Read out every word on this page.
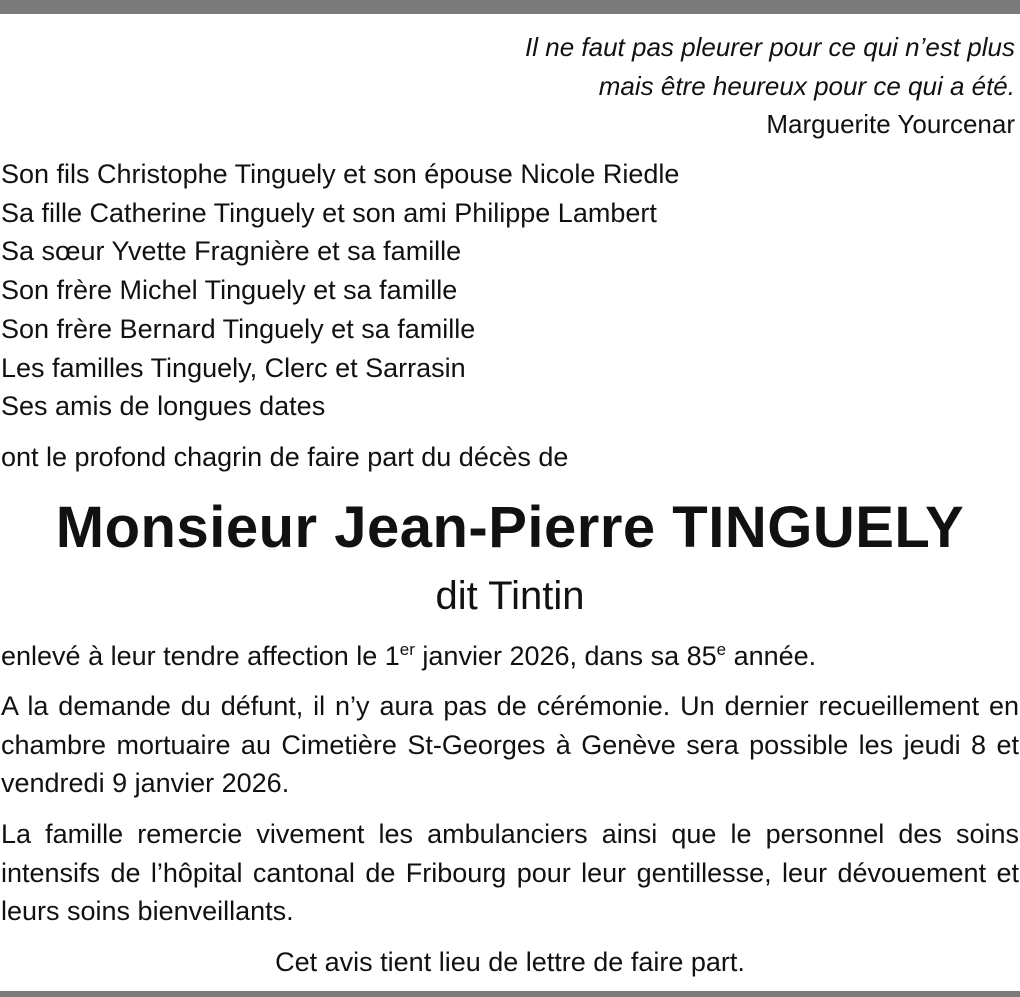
Il ne faut pas pleurer pour ce qui n’est plus
mais être heureux pour ce qui a été.
Marguerite Yourcenar
Son fils Christophe Tinguely et son épouse Nicole Riedle
Sa fille Catherine Tinguely et son ami Philippe Lambert
Sa sœur Yvette Fragnière et sa famille
Son frère Michel Tinguely et sa famille
Son frère Bernard Tinguely et sa famille
Les familles Tinguely, Clerc et Sarrasin
Ses amis de longues dates
ont le profond chagrin de faire part du décès de
Monsieur Jean-Pierre TINGUELY
dit Tintin
enlevé à leur tendre affection le 1er janvier 2026, dans sa 85e année.
A la demande du défunt, il n’y aura pas de cérémonie. Un dernier recueillement en chambre mortuaire au Cimetière St-Georges à Genève sera possible les jeudi 8 et vendredi 9 janvier 2026.
La famille remercie vivement les ambulanciers ainsi que le personnel des soins intensifs de l’hôpital cantonal de Fribourg pour leur gentillesse, leur dévouement et leurs soins bienveillants.
Cet avis tient lieu de lettre de faire part.
